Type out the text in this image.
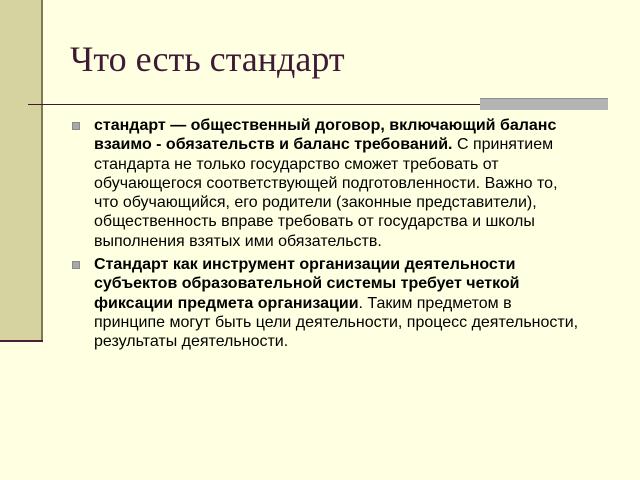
Что есть стандарт
стандарт — общественный договор, включающий баланс взаимо - обязательств и баланс требований. С принятием стандарта не только государство сможет требовать от обучающегося соответствующей подготовленности. Важно то, что обучающийся, его родители (законные представители), общественность вправе требовать от государства и школы выполнения взятых ими обязательств.
Стандарт как инструмент организации деятельности субъектов образовательной системы требует четкой фиксации предмета организации. Таким предметом в принципе могут быть цели деятельности, процесс деятельности, результаты деятельности.
